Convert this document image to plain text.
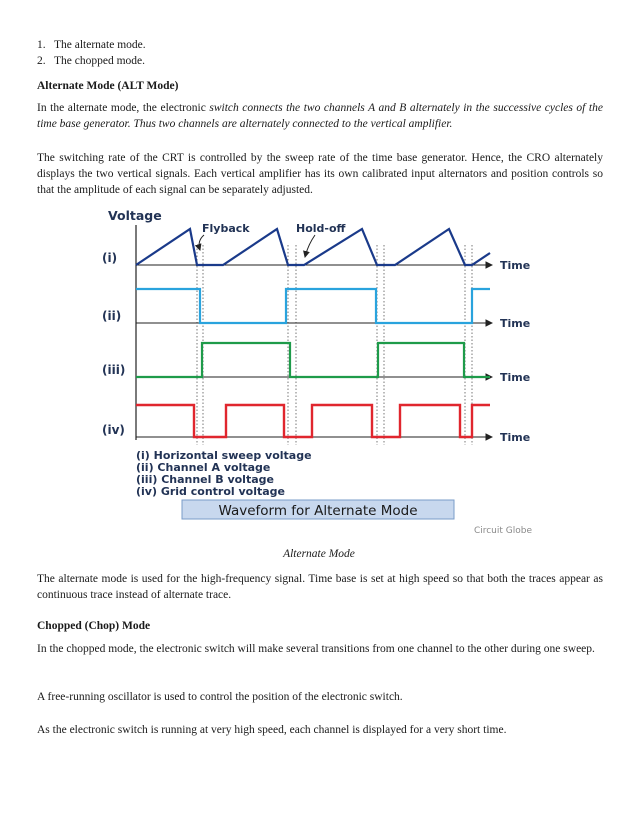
1. The alternate mode.
2. The chopped mode.
Alternate Mode (ALT Mode)
In the alternate mode, the electronic switch connects the two channels A and B alternately in the successive cycles of the time base generator. Thus two channels are alternately connected to the vertical amplifier.
The switching rate of the CRT is controlled by the sweep rate of the time base generator. Hence, the CRO alternately displays the two vertical signals. Each vertical amplifier has its own calibrated input alternators and position controls so that the amplitude of each signal can be separately adjusted.
Voltage
Flyback	Hold-off
(i)
Time
(ii)
Time
(iii)
Time
(iv)
Time
(i) Horizontal sweep voltage
(ii) Channel A voltage
(iii) Channel B voltage
(iv) Grid control voltage
Waveform for Alternate Mode
Circuit Globe
Alternate Mode
The alternate mode is used for the high-frequency signal. Time base is set at high speed so that both the traces appear as continuous trace instead of alternate trace.
Chopped (Chop) Mode
In the chopped mode, the electronic switch will make several transitions from one channel to the other during one sweep.
A free-running oscillator is used to control the position of the electronic switch.
As the electronic switch is running at very high speed, each channel is displayed for a very short time.
